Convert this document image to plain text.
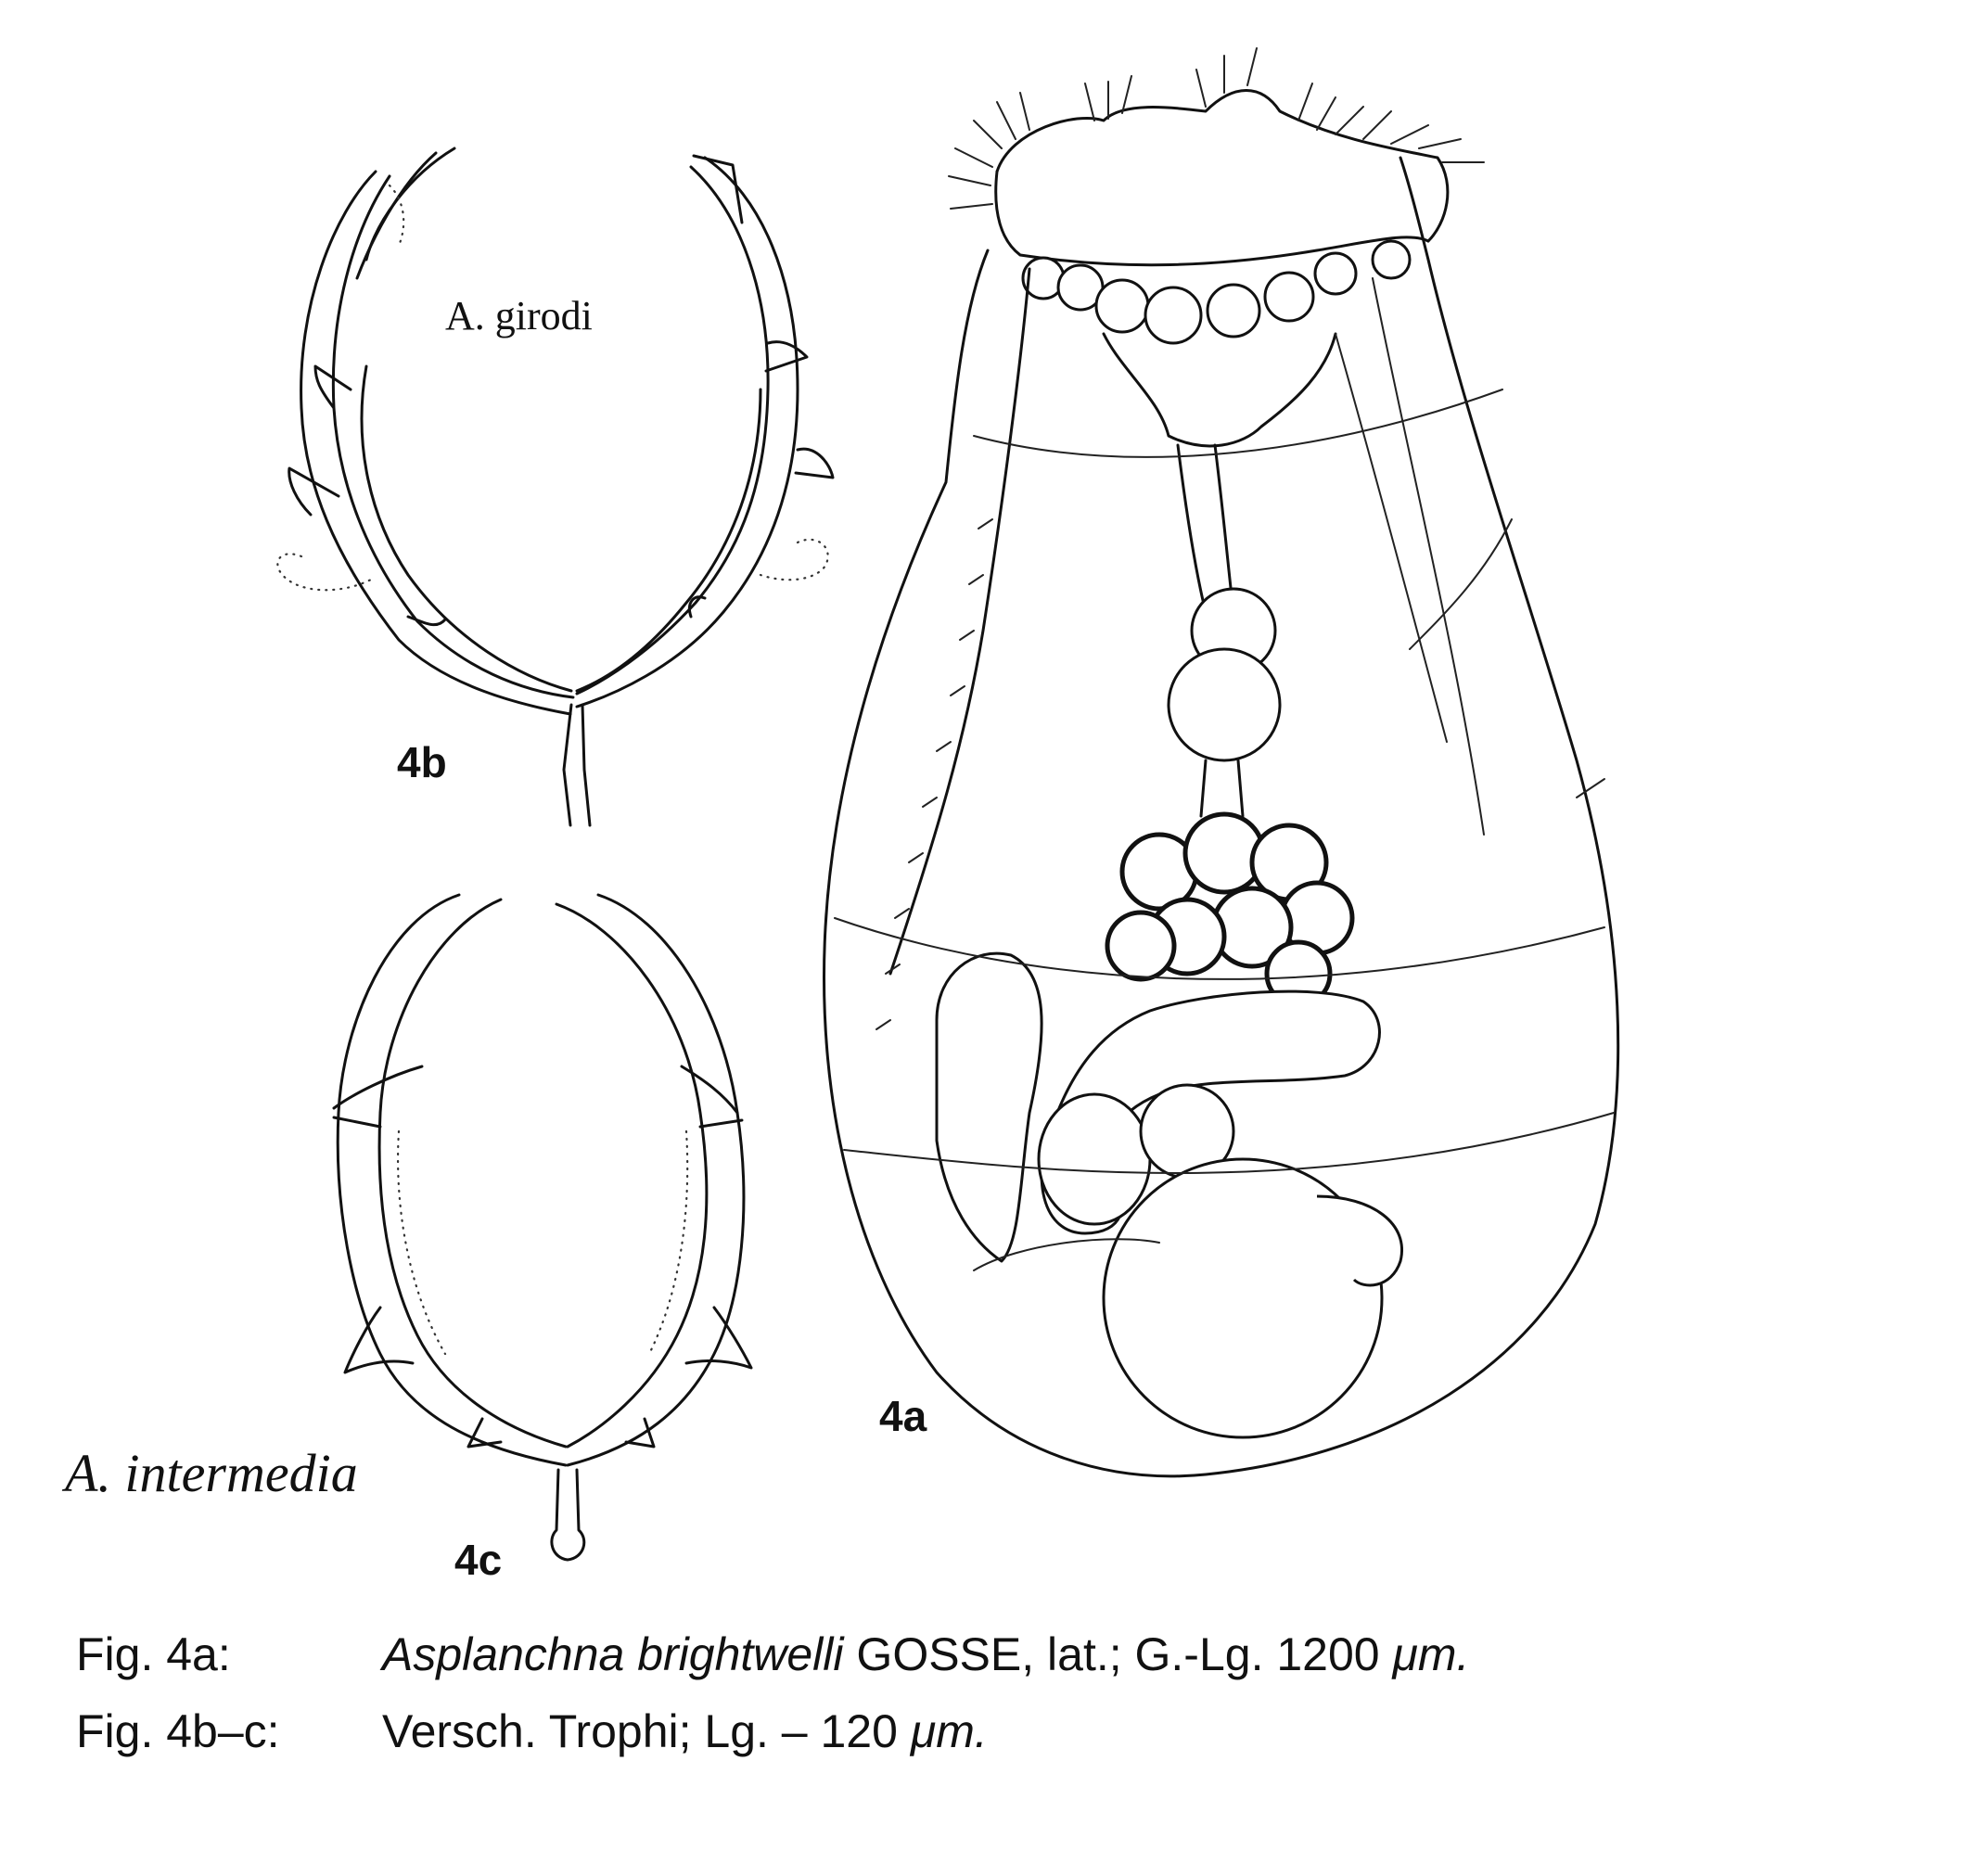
A. girodi
4b
4a
A. intermedia
4c
Fig. 4a:	Asplanchna brightwelli GOSSE, lat.; G.-Lg. 1200 μm.
Fig. 4b–c: Versch. Trophi; Lg. – 120 μm.
